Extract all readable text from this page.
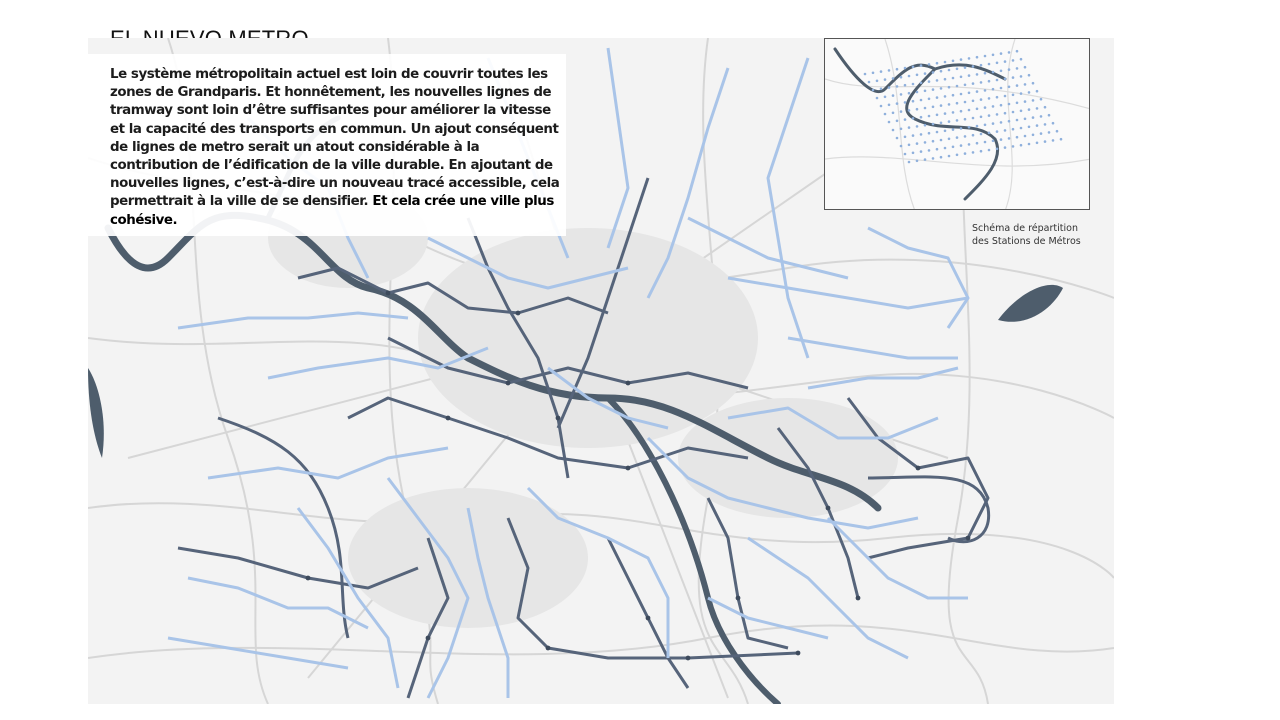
Le système métropolitain actuel est loin de couvrir toutes les zones de Grandparis. Et honnêtement, les nouvelles lignes de tramway sont loin d’être suffisantes pour améliorer la vitesse et la capacité des transports en commun. Un ajout conséquent de lignes de metro serait un atout considérable à la contribution de l’édification de la ville durable. En ajoutant de nouvelles lignes, c’est-à-dire un nouveau tracé accessible, cela permettrait à la ville de se densifier. Et cela crée une ville plus cohésive.
Schéma de répartition
des Stations de Métros
